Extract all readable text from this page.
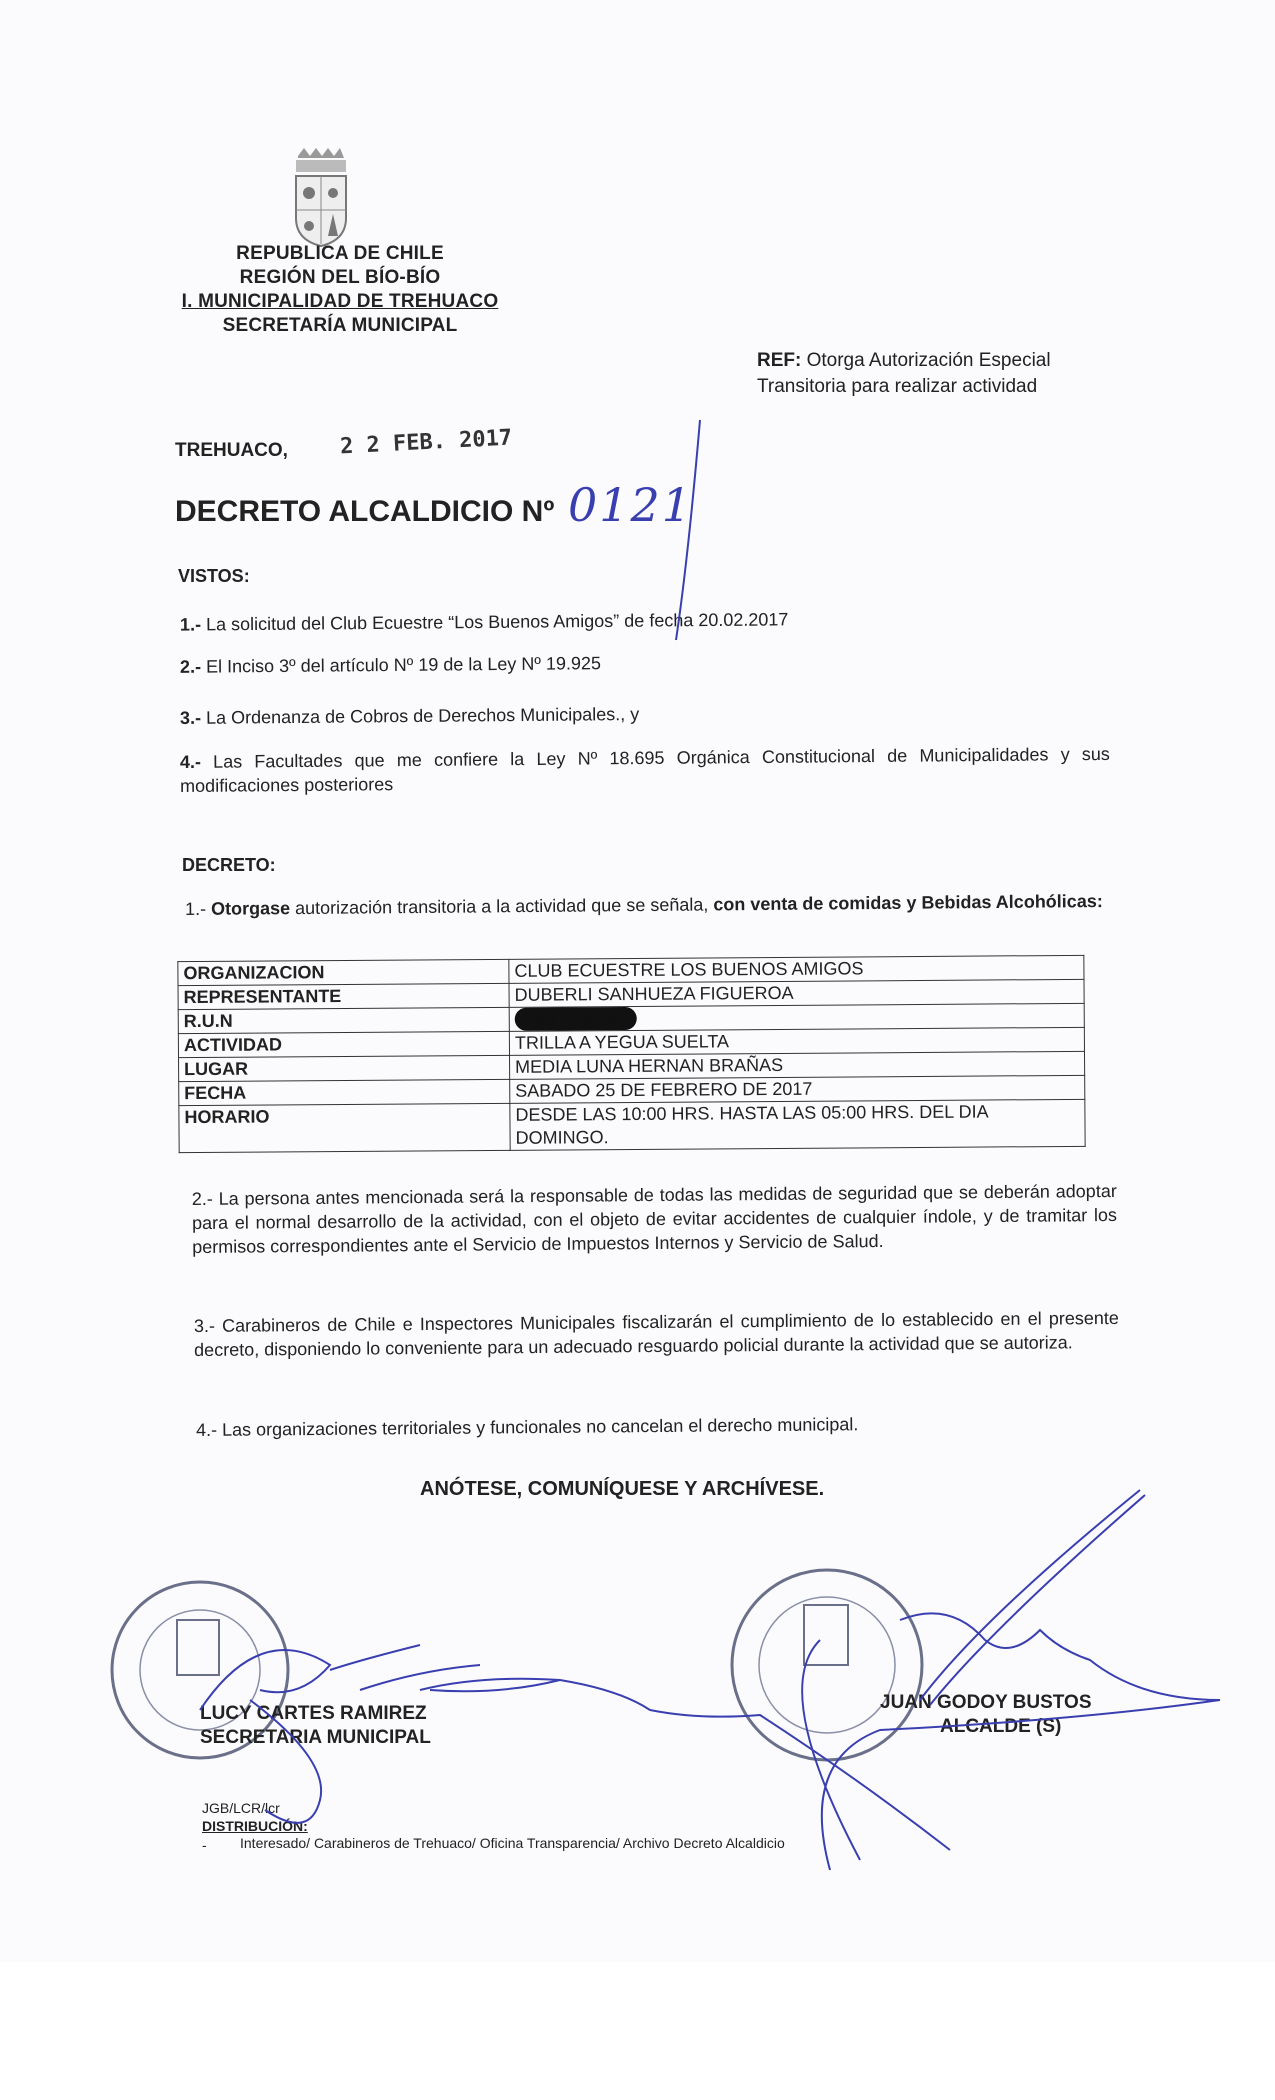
REPUBLICA DE CHILE
REGIÓN DEL BÍO-BÍO
I. MUNICIPALIDAD DE TREHUACO
SECRETARÍA MUNICIPAL
REF: Otorga Autorización Especial
Transitoria para realizar actividad
TREHUACO, 2 2 FEB. 2017
DECRETO ALCALDICIO Nº 0121
VISTOS:
1.- La solicitud del Club Ecuestre “Los Buenos Amigos” de fecha 20.02.2017
2.- El Inciso 3º del artículo Nº 19 de la Ley Nº 19.925
3.- La Ordenanza de Cobros de Derechos Municipales., y
4.- Las Facultades que me confiere la Ley Nº 18.695 Orgánica Constitucional de Municipalidades y sus modificaciones posteriores
DECRETO:
1.- Otorgase autorización transitoria a la actividad que se señala, con venta de comidas y Bebidas Alcohólicas:
ORGANIZACION	CLUB ECUESTRE LOS BUENOS AMIGOS
REPRESENTANTE	DUBERLI SANHUEZA FIGUEROA
R.U.N	15.172.319-5
ACTIVIDAD	TRILLA A YEGUA SUELTA
LUGAR	MEDIA LUNA HERNAN BRAÑAS
FECHA	SABADO 25 DE FEBRERO DE 2017
HORARIO	DESDE LAS 10:00 HRS. HASTA LAS 05:00 HRS. DEL DIA DOMINGO.
2.- La persona antes mencionada será la responsable de todas las medidas de seguridad que se deberán adoptar para el normal desarrollo de la actividad, con el objeto de evitar accidentes de cualquier índole, y de tramitar los permisos correspondientes ante el Servicio de Impuestos Internos y Servicio de Salud.
3.- Carabineros de Chile e Inspectores Municipales fiscalizarán el cumplimiento de lo establecido en el presente decreto, disponiendo lo conveniente para un adecuado resguardo policial durante la actividad que se autoriza.
4.- Las organizaciones territoriales y funcionales no cancelan el derecho municipal.
ANÓTESE, COMUNÍQUESE Y ARCHÍVESE.
LUCY CARTES RAMIREZ
SECRETARIA MUNICIPAL
JUAN GODOY BUSTOS
ALCALDE (S)
JGB/LCR/lcr
DISTRIBUCIÓN:
- Interesado/ Carabineros de Trehuaco/ Oficina Transparencia/ Archivo Decreto Alcaldicio
